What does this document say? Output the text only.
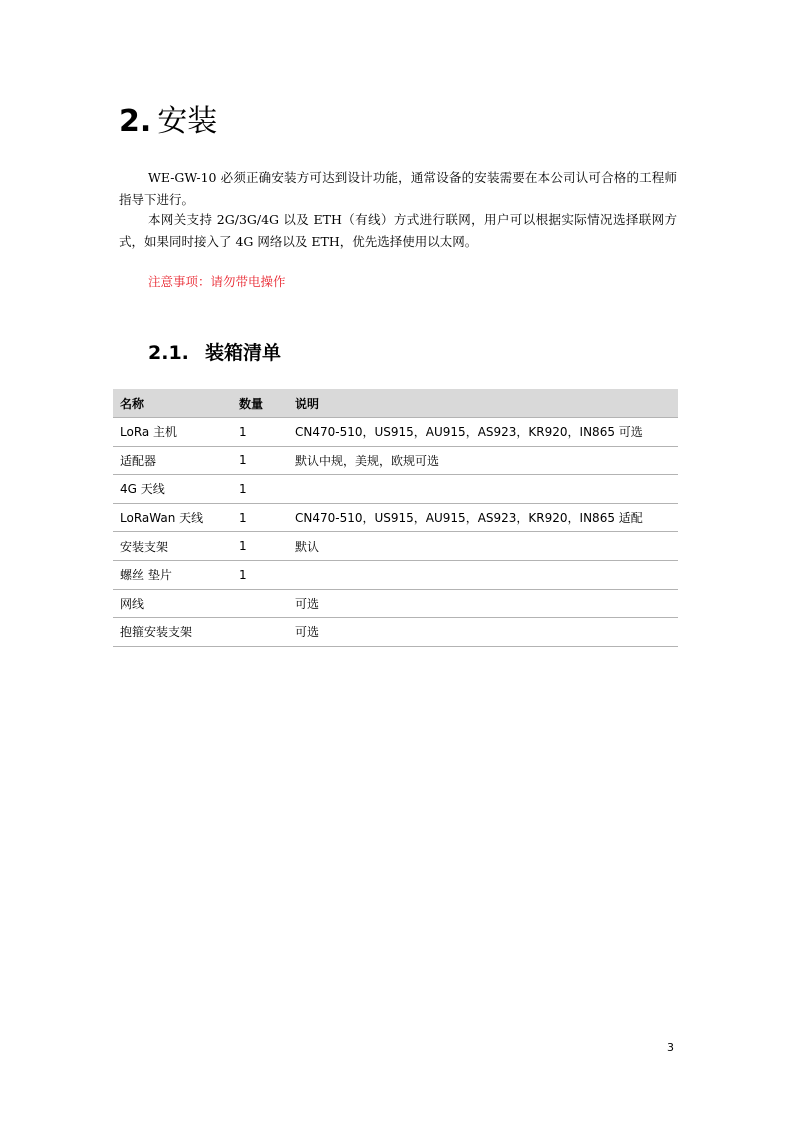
2. 安装
WE-GW-10 必须正确安装方可达到设计功能，通常设备的安装需要在本公司认可合格的工程师指导下进行。
本网关支持 2G/3G/4G 以及 ETH（有线）方式进行联网，用户可以根据实际情况选择联网方式，如果同时接入了 4G 网络以及 ETH，优先选择使用以太网。
注意事项：请勿带电操作
2.1. 装箱清单
名称	数量	说明
LoRa 主机	1	CN470-510，US915，AU915，AS923，KR920，IN865 可选
适配器	1	默认中规，美规，欧规可选
4G 天线	1	
LoRaWan 天线	1	CN470-510，US915，AU915，AS923，KR920，IN865 适配
安装支架	1	默认
螺丝 垫片	1	
网线		可选
抱箍安装支架		可选
3
